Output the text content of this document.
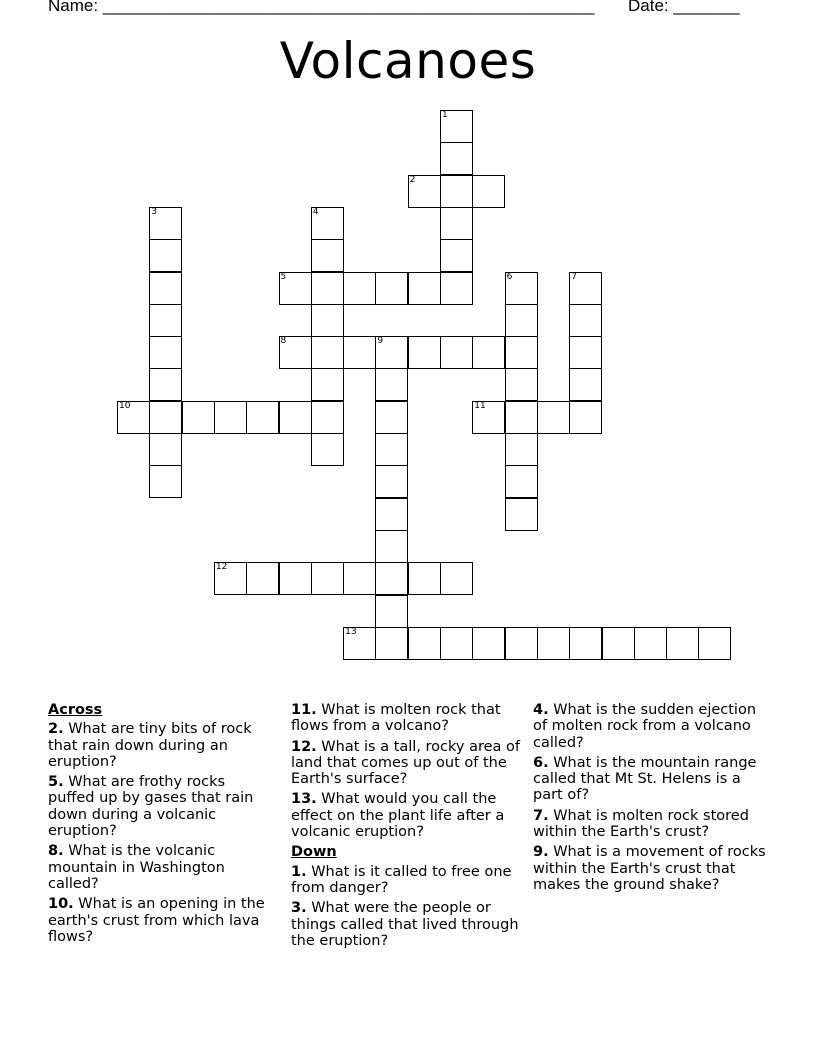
Name: ____________________________________________________ Date: _______
Volcanoes
1
2
3	4
5	6	7
8	9
10	11
12
13
Across
2. What are tiny bits of rock that rain down during an eruption?
5. What are frothy rocks puffed up by gases that rain down during a volcanic eruption?
8. What is the volcanic mountain in Washington called?
10. What is an opening in the earth's crust from which lava flows?
11. What is molten rock that flows from a volcano?
12. What is a tall, rocky area of land that comes up out of the Earth's surface?
13. What would you call the effect on the plant life after a volcanic eruption?
Down
1. What is it called to free one from danger?
3. What were the people or things called that lived through the eruption?
4. What is the sudden ejection of molten rock from a volcano called?
6. What is the mountain range called that Mt St. Helens is a part of?
7. What is molten rock stored within the Earth's crust?
9. What is a movement of rocks within the Earth's crust that makes the ground shake?
